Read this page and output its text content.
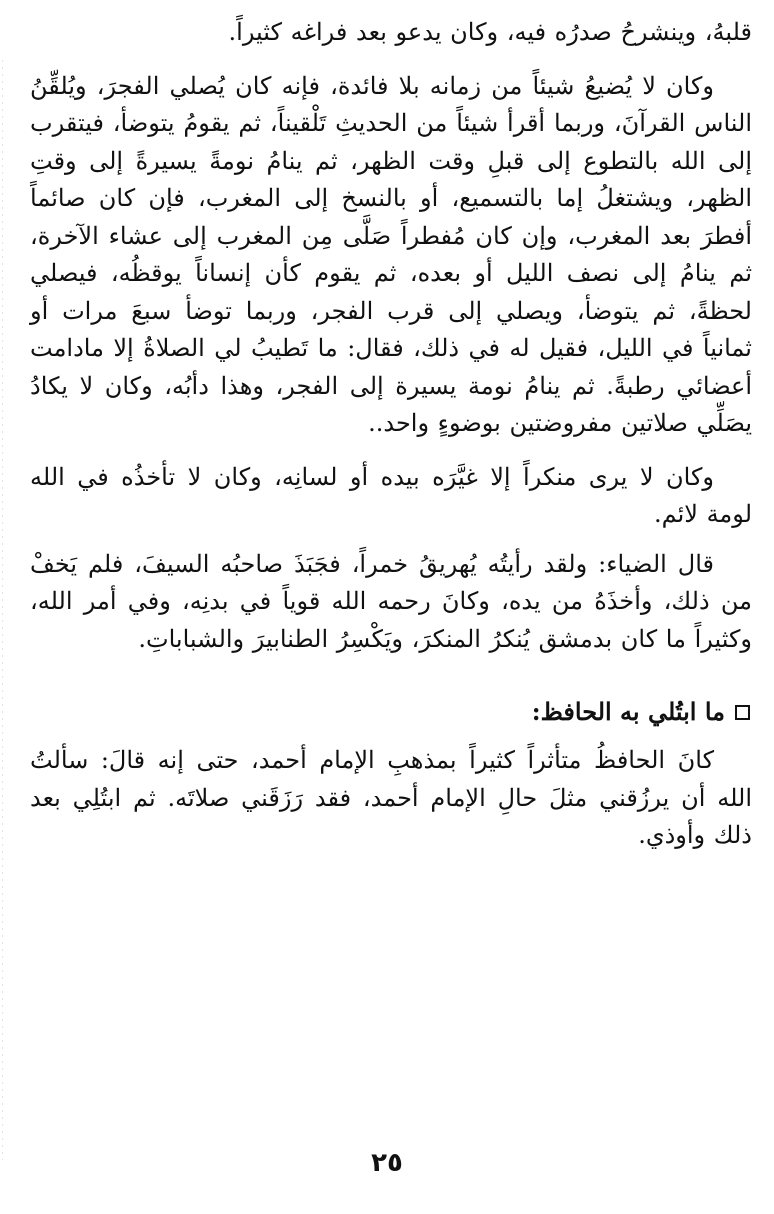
قلبهُ، وينشرحُ صدرُه فيه، وكان يدعو بعد فراغه كثيراً.

وكان لا يُضيعُ شيئاً من زمانه بلا فائدة، فإنه كان يُصلي الفجرَ، ويُلقِّنُ الناس القرآنَ، وربما أقرأ شيئاً من الحديثِ تَلْقيناً، ثم يقومُ يتوضأ، فيتقرب إلى الله بالتطوع إلى قبلِ وقت الظهر، ثم ينامُ نومةً يسيرةً إلى وقتِ الظهر، ويشتغلُ إما بالتسميع، أو بالنسخ إلى المغرب، فإن كان صائماً أفطرَ بعد المغرب، وإن كان مُفطراً صَلَّى مِن المغرب إلى عشاء الآخرة، ثم ينامُ إلى نصف الليل أو بعده، ثم يقوم كأن إنساناً يوقظُه، فيصلي لحظةً، ثم يتوضأ، ويصلي إلى قرب الفجر، وربما توضأ سبعَ مرات أو ثمانياً في الليل، فقيل له في ذلك، فقال: ما تَطيبُ لي الصلاةُ إلا مادامت أعضائي رطبةً. ثم ينامُ نومة يسيرة إلى الفجر، وهذا دأبُه، وكان لا يكادُ يصَلِّي صلاتين مفروضتين بوضوءٍ واحد..

وكان لا يرى منكراً إلا غيَّرَه بيده أو لسانِه، وكان لا تأخذُه في الله لومة لائم.

قال الضياء: ولقد رأيتُه يُهريقُ خمراً، فجَبَذَ صاحبُه السيفَ، فلم يَخفْ من ذلك، وأخذَهُ من يده، وكانَ رحمه الله قوياً في بدنِه، وفي أمر الله، وكثيراً ما كان بدمشق يُنكرُ المنكرَ، ويَكْسِرُ الطنابيرَ والشباباتِ.

ما ابتُلي به الحافظ:

كانَ الحافظُ متأثراً كثيراً بمذهبِ الإمام أحمد، حتى إنه قالَ: سألتُ الله أن يرزُقني مثلَ حالِ الإمام أحمد، فقد رَزَقَني صلاتَه. ثم ابتُلِي بعد ذلك وأوذي.

٢٥
